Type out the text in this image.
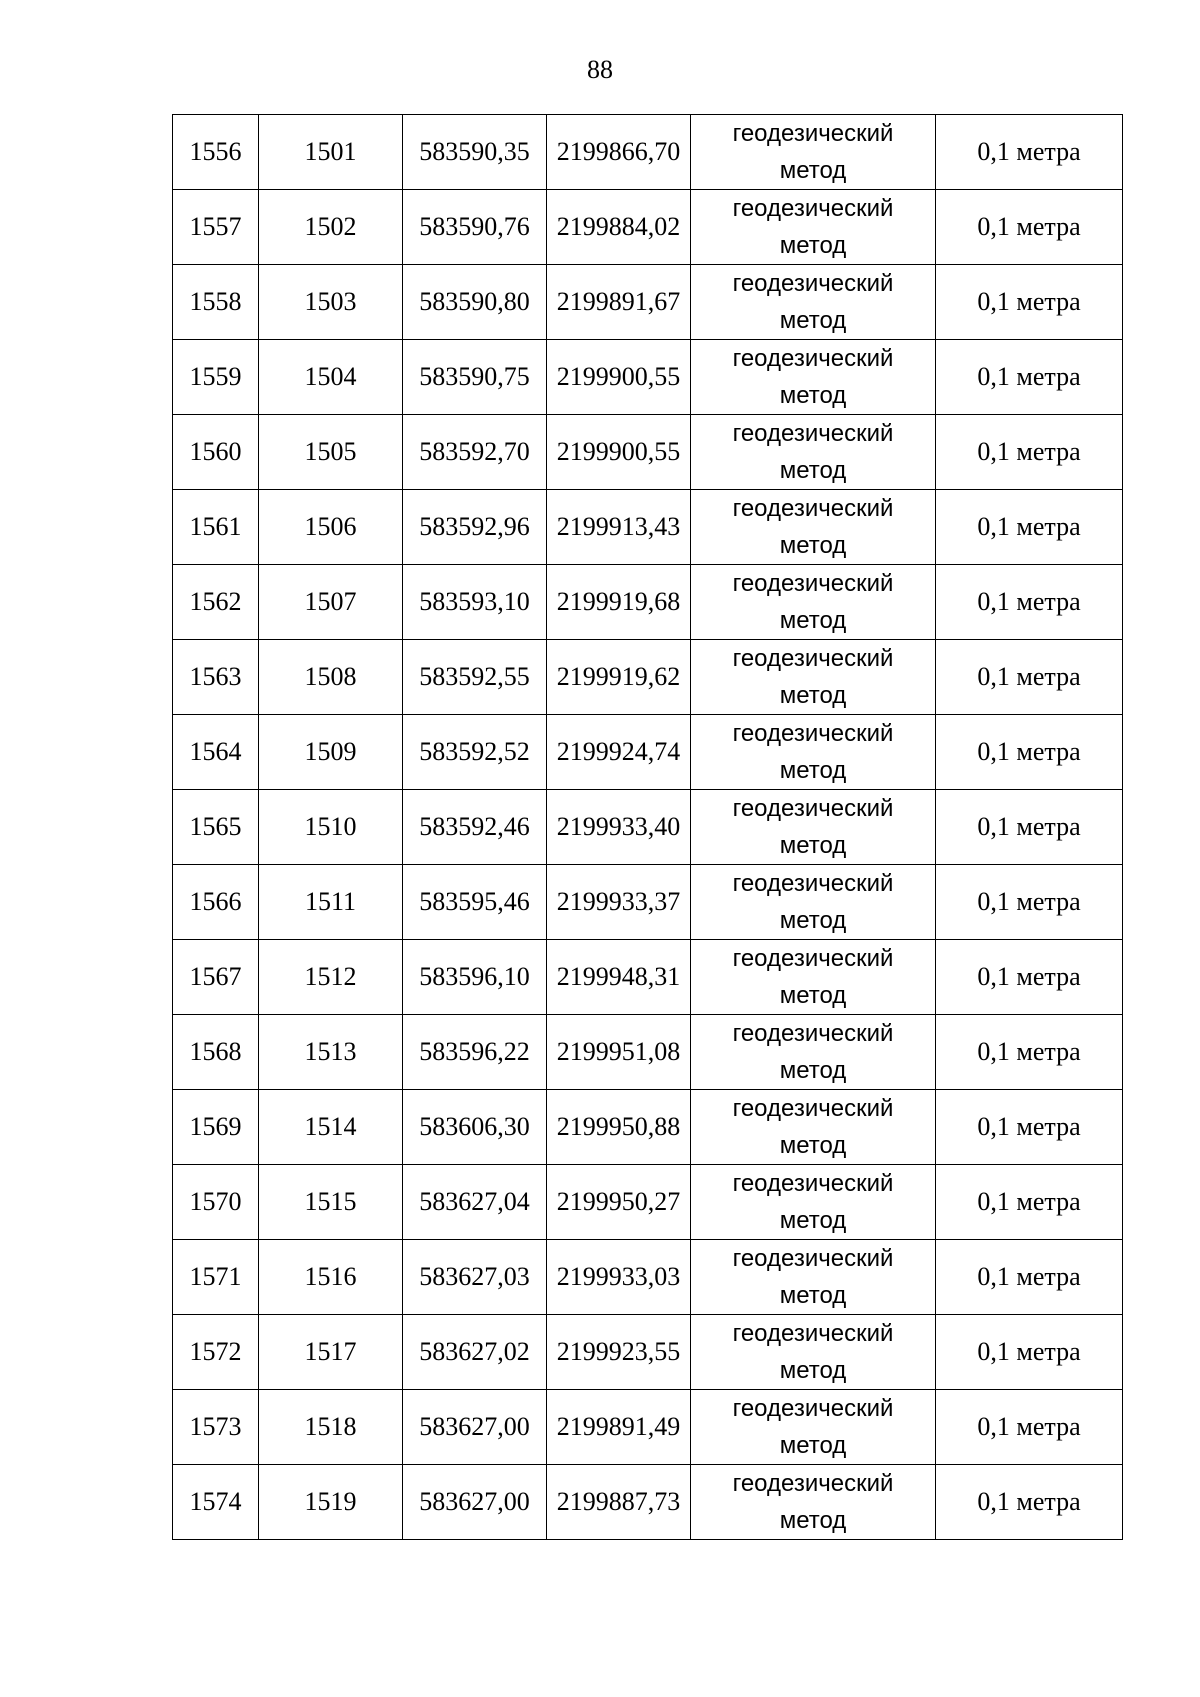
88
1556	1501	583590,35	2199866,70	геодезический
метод	0,1 метра
1557	1502	583590,76	2199884,02	геодезический
метод	0,1 метра
1558	1503	583590,80	2199891,67	геодезический
метод	0,1 метра
1559	1504	583590,75	2199900,55	геодезический
метод	0,1 метра
1560	1505	583592,70	2199900,55	геодезический
метод	0,1 метра
1561	1506	583592,96	2199913,43	геодезический
метод	0,1 метра
1562	1507	583593,10	2199919,68	геодезический
метод	0,1 метра
1563	1508	583592,55	2199919,62	геодезический
метод	0,1 метра
1564	1509	583592,52	2199924,74	геодезический
метод	0,1 метра
1565	1510	583592,46	2199933,40	геодезический
метод	0,1 метра
1566	1511	583595,46	2199933,37	геодезический
метод	0,1 метра
1567	1512	583596,10	2199948,31	геодезический
метод	0,1 метра
1568	1513	583596,22	2199951,08	геодезический
метод	0,1 метра
1569	1514	583606,30	2199950,88	геодезический
метод	0,1 метра
1570	1515	583627,04	2199950,27	геодезический
метод	0,1 метра
1571	1516	583627,03	2199933,03	геодезический
метод	0,1 метра
1572	1517	583627,02	2199923,55	геодезический
метод	0,1 метра
1573	1518	583627,00	2199891,49	геодезический
метод	0,1 метра
1574	1519	583627,00	2199887,73	геодезический
метод	0,1 метра
